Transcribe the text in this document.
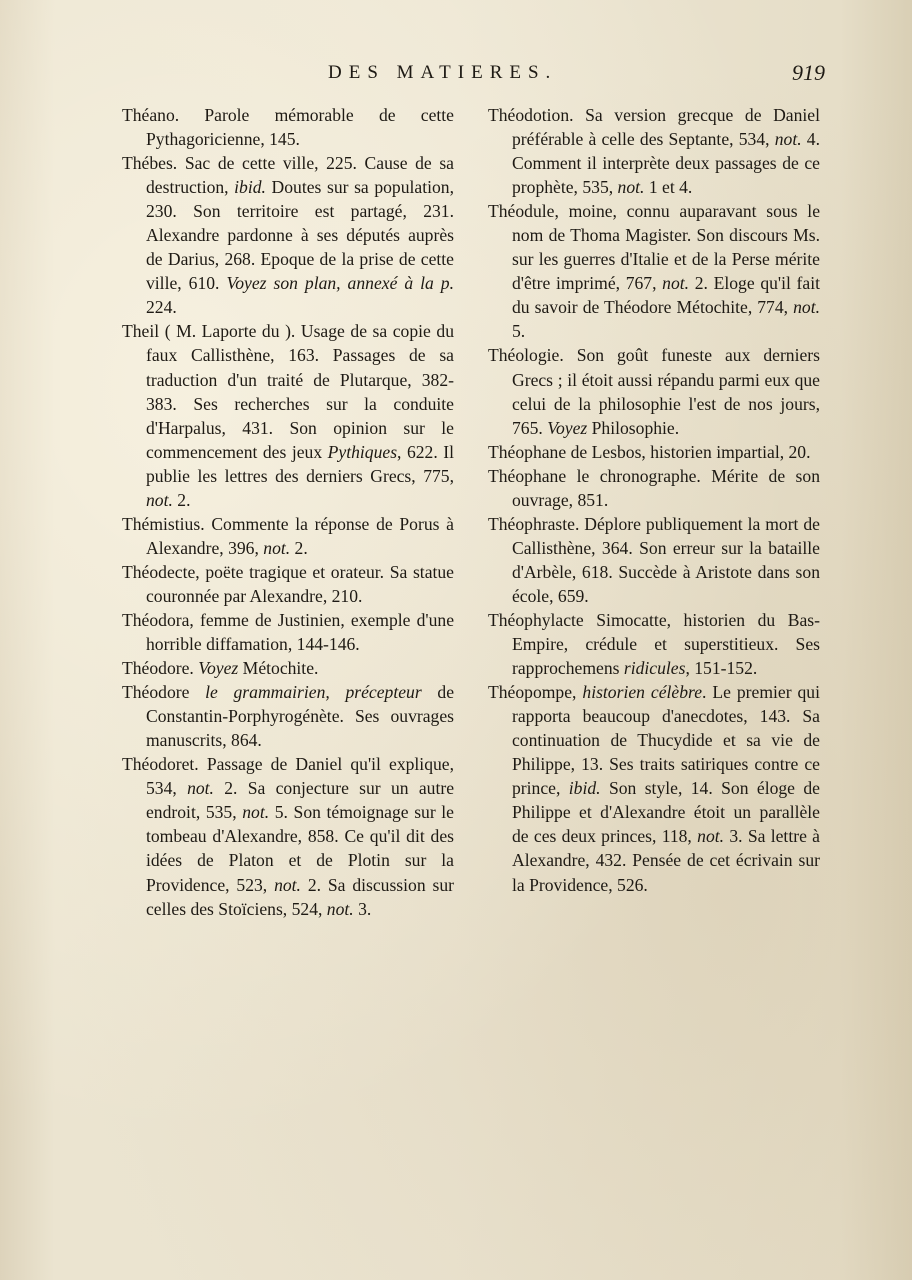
DES MATIERES.	919

Théano. Parole mémorable de cette Pythagoricienne, 145.

Thébes. Sac de cette ville, 225. Cause de sa destruction, ibid. Doutes sur sa population, 230. Son territoire est partagé, 231. Alexandre pardonne à ses députés auprès de Darius, 268. Epoque de la prise de cette ville, 610. Voyez son plan, annexé à la p. 224.

Theil ( M. Laporte du ). Usage de sa copie du faux Callisthène, 163. Passages de sa traduction d'un traité de Plutarque, 382-383. Ses recherches sur la conduite d'Harpalus, 431. Son opinion sur le commencement des jeux Pythiques, 622. Il publie les lettres des derniers Grecs, 775, not. 2.

Thémistius. Commente la réponse de Porus à Alexandre, 396, not. 2.

Théodecte, poëte tragique et orateur. Sa statue couronnée par Alexandre, 210.

Théodora, femme de Justinien, exemple d'une horrible diffamation, 144-146.

Théodore. Voyez Métochite.

Théodore le grammairien, précepteur de Constantin-Porphyrogénète. Ses ouvrages manuscrits, 864.

Théodoret. Passage de Daniel qu'il explique, 534, not. 2. Sa conjecture sur un autre endroit, 535, not. 5. Son témoignage sur le tombeau d'Alexandre, 858. Ce qu'il dit des idées de Platon et de Plotin sur la Providence, 523, not. 2. Sa discussion sur celles des Stoïciens, 524, not. 3.

Théodotion. Sa version grecque de Daniel préférable à celle des Septante, 534, not. 4. Comment il interprète deux passages de ce prophète, 535, not. 1 et 4.

Théodule, moine, connu auparavant sous le nom de Thoma Magister. Son discours Ms. sur les guerres d'Italie et de la Perse mérite d'être imprimé, 767, not. 2. Eloge qu'il fait du savoir de Théodore Métochite, 774, not. 5.

Théologie. Son goût funeste aux derniers Grecs ; il étoit aussi répandu parmi eux que celui de la philosophie l'est de nos jours, 765. Voyez Philosophie.

Théophane de Lesbos, historien impartial, 20.

Théophane le chronographe. Mérite de son ouvrage, 851.

Théophraste. Déplore publiquement la mort de Callisthène, 364. Son erreur sur la bataille d'Arbèle, 618. Succède à Aristote dans son école, 659.

Théophylacte Simocatte, historien du Bas-Empire, crédule et superstitieux. Ses rapprochemens ridicules, 151-152.

Théopompe, historien célèbre. Le premier qui rapporta beaucoup d'anecdotes, 143. Sa continuation de Thucydide et sa vie de Philippe, 13. Ses traits satiriques contre ce prince, ibid. Son style, 14. Son éloge de Philippe et d'Alexandre étoit un parallèle de ces deux princes, 118, not. 3. Sa lettre à Alexandre, 432. Pensée de cet écrivain sur la Providence, 526.
